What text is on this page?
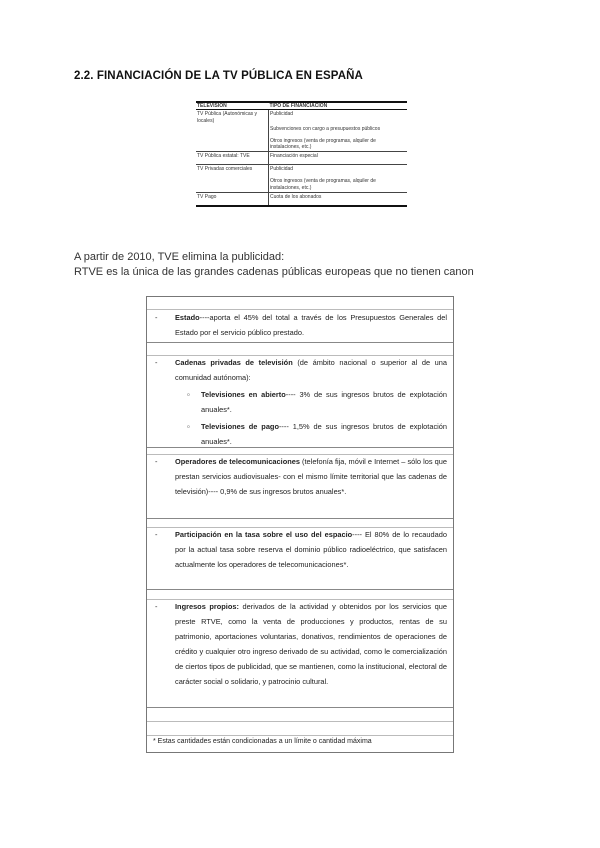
2.2. FINANCIACIÓN DE LA TV PÚBLICA EN ESPAÑA
TELEVISIÓN	TIPO DE FINANCIACIÓN
TV Pública (Autonómicas y locales)	Publicidad
	Subvenciones con cargo a presupuestos públicos
	Otros ingresos (venta de programas, alquiler de instalaciones, etc.)
TV Pública estatal: TVE	Financiación especial
TV Privadas comerciales	Publicidad
	Otros ingresos (venta de programas, alquiler de instalaciones, etc.)
TV Pago	Cuota de los abonados
A partir de 2010, TVE elimina la publicidad:
RTVE es la única de las grandes cadenas públicas europeas que no tienen canon
-	Estado----aporta el 45% del total a través de los Presupuestos Generales del Estado por el servicio público prestado.
-	Cadenas privadas de televisión (de ámbito nacional o superior al de una comunidad autónoma):
▫ Televisiones en abierto---- 3% de sus ingresos brutos de explotación anuales*.
▫ Televisiones de pago---- 1,5% de sus ingresos brutos de explotación anuales*.
-	Operadores de telecomunicaciones (telefonía fija, móvil e Internet – sólo los que prestan servicios audiovisuales- con el mismo límite territorial que las cadenas de televisión)---- 0,9% de sus ingresos brutos anuales*.
-	Participación en la tasa sobre el uso del espacio---- El 80% de lo recaudado por la actual tasa sobre reserva el dominio público radioeléctrico, que satisfacen actualmente los operadores de telecomunicaciones*.
-	Ingresos propios: derivados de la actividad y obtenidos por los servicios que preste RTVE, como la venta de producciones y productos, rentas de su patrimonio, aportaciones voluntarias, donativos, rendimientos de operaciones de crédito y cualquier otro ingreso derivado de su actividad, como le comercialización de ciertos tipos de publicidad, que se mantienen, como la institucional, electoral de carácter social o solidario, y patrocinio cultural.
* Estas cantidades están condicionadas a un límite o cantidad máxima
